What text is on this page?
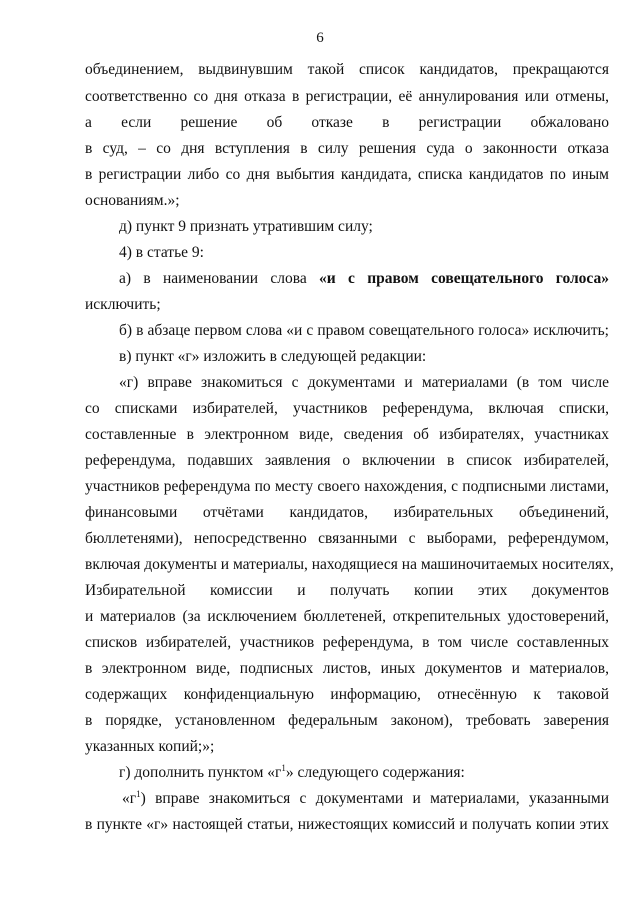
6
объединением, выдвинувшим такой список кандидатов, прекращаются
соответственно со дня отказа в регистрации, её аннулирования или отмены,
а если решение об отказе в регистрации обжаловано
в суд, – со дня вступления в силу решения суда о законности отказа
в регистрации либо со дня выбытия кандидата, списка кандидатов по иным
основаниям.»;
д) пункт 9 признать утратившим силу;
4) в статье 9:
а) в наименовании слова «и с правом совещательного голоса»
исключить;
б) в абзаце первом слова «и с правом совещательного голоса» исключить;
в) пункт «г» изложить в следующей редакции:
«г) вправе знакомиться с документами и материалами (в том числе
со списками избирателей, участников референдума, включая списки,
составленные в электронном виде, сведения об избирателях, участниках
референдума, подавших заявления о включении в список избирателей,
участников референдума по месту своего нахождения, с подписными листами,
финансовыми отчётами кандидатов, избирательных объединений,
бюллетенями), непосредственно связанными с выборами, референдумом,
включая документы и материалы, находящиеся на машиночитаемых носителях,
Избирательной комиссии и получать копии этих документов
и материалов (за исключением бюллетеней, открепительных удостоверений,
списков избирателей, участников референдума, в том числе составленных
в электронном виде, подписных листов, иных документов и материалов,
содержащих конфиденциальную информацию, отнесённую к таковой
в порядке, установленном федеральным законом), требовать заверения
указанных копий;»;
г) дополнить пунктом «$г^1$» следующего содержания:
«$г^1$) вправе знакомиться с документами и материалами, указанными
в пункте «г» настоящей статьи, нижестоящих комиссий и получать копии этих
